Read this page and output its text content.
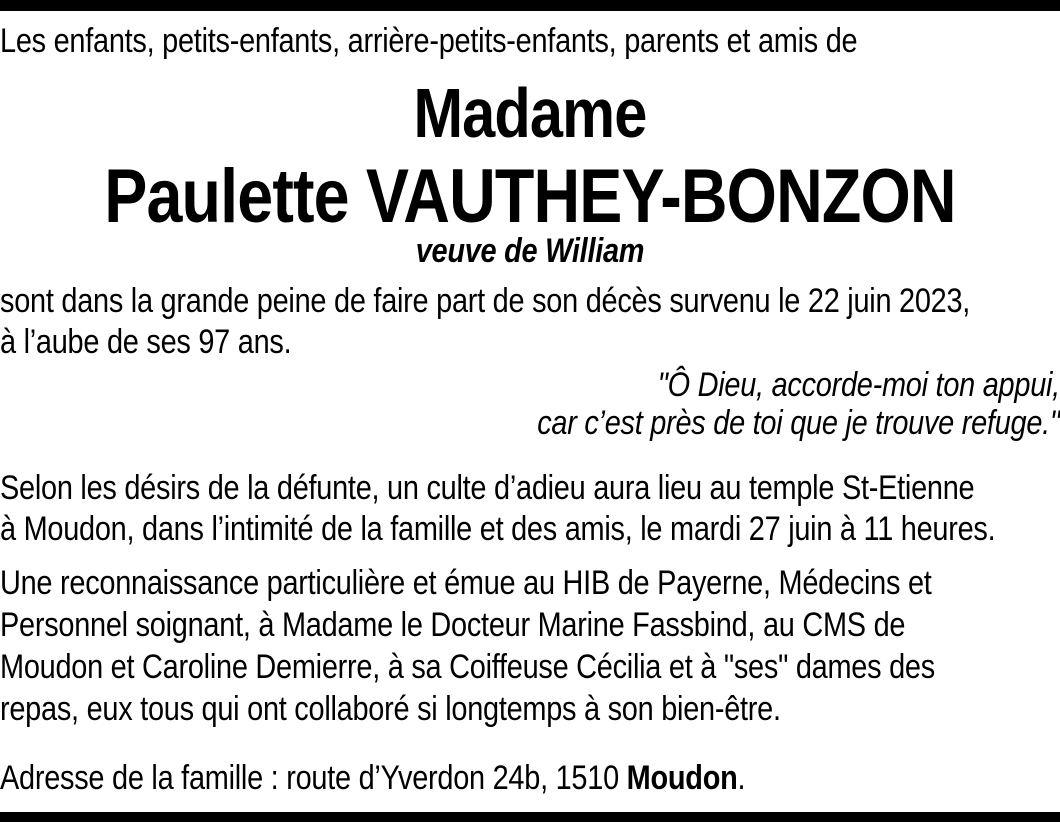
Les enfants, petits-enfants, arrière-petits-enfants, parents et amis de
Madame
Paulette VAUTHEY-BONZON
veuve de William
sont dans la grande peine de faire part de son décès survenu le 22 juin 2023,
à l’aube de ses 97 ans.
"Ô Dieu, accorde-moi ton appui,
car c’est près de toi que je trouve refuge."
Selon les désirs de la défunte, un culte d’adieu aura lieu au temple St-Etienne
à Moudon, dans l’intimité de la famille et des amis, le mardi 27 juin à 11 heures.
Une reconnaissance particulière et émue au HIB de Payerne, Médecins et
Personnel soignant, à Madame le Docteur Marine Fassbind, au CMS de
Moudon et Caroline Demierre, à sa Coiffeuse Cécilia et à "ses" dames des
repas, eux tous qui ont collaboré si longtemps à son bien-être.
Adresse de la famille : route d’Yverdon 24b, 1510 Moudon.
